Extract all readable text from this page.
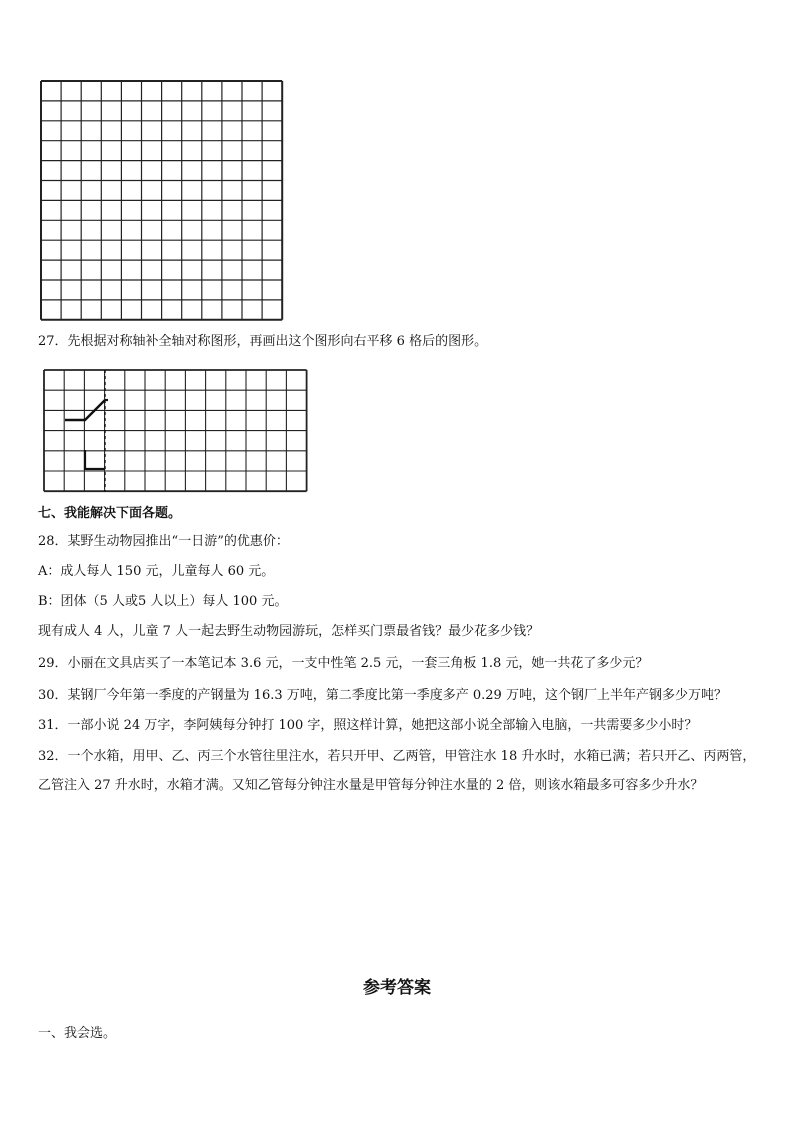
27．先根据对称轴补全轴对称图形，再画出这个图形向右平移 6 格后的图形。
七、我能解决下面各题。
28．某野生动物园推出“一日游”的优惠价：
A：成人每人 150 元，儿童每人 60 元。
B：团体（5 人或5 人以上）每人 100 元。
现有成人 4 人，儿童 7 人一起去野生动物园游玩，怎样买门票最省钱？最少花多少钱？
29．小丽在文具店买了一本笔记本 3.6 元，一支中性笔 2.5 元，一套三角板 1.8 元，她一共花了多少元？
30．某钢厂今年第一季度的产钢量为 16.3 万吨，第二季度比第一季度多产 0.29 万吨，这个钢厂上半年产钢多少万吨？
31．一部小说 24 万字，李阿姨每分钟打 100 字，照这样计算，她把这部小说全部输入电脑，一共需要多少小时？
32．一个水箱，用甲、乙、丙三个水管往里注水，若只开甲、乙两管，甲管注水 18 升水时，水箱已满；若只开乙、丙两管，乙管注入 27 升水时，水箱才满。又知乙管每分钟注水量是甲管每分钟注水量的 2 倍，则该水箱最多可容多少升水？
参考答案
一、我会选。
